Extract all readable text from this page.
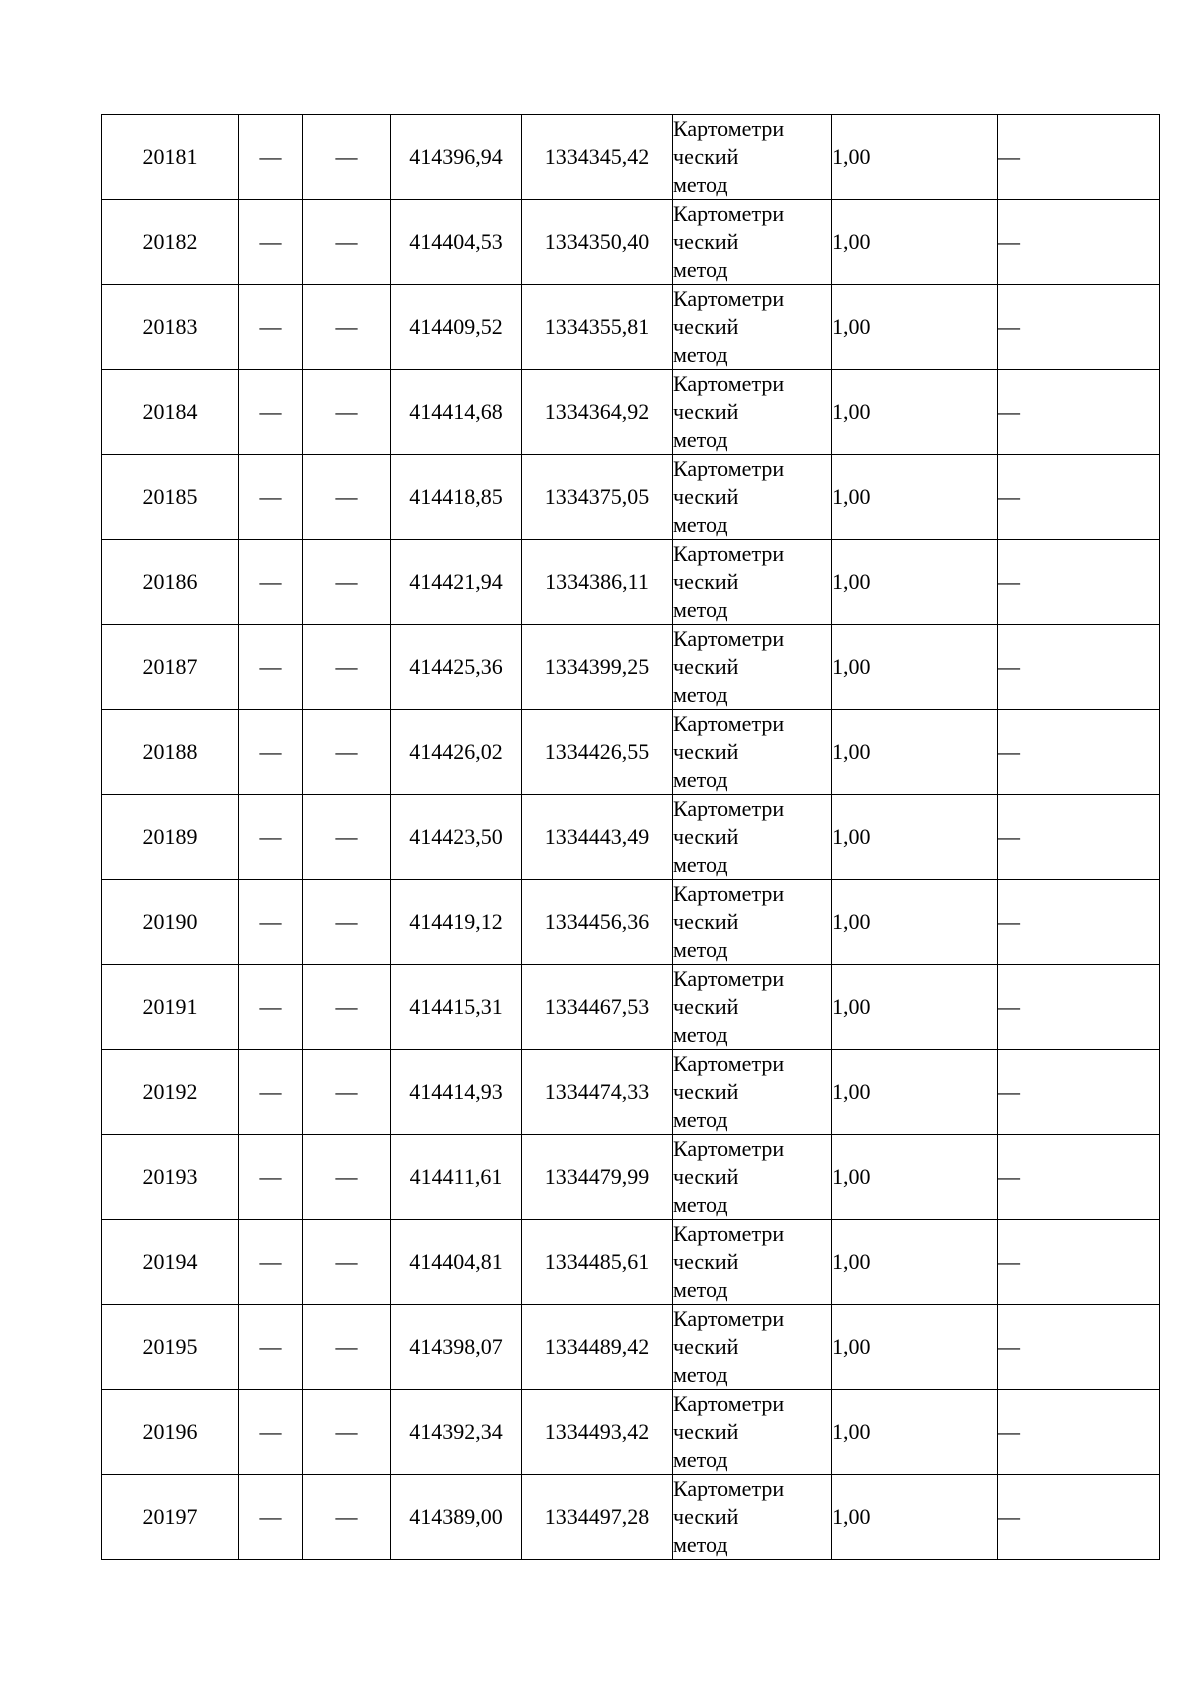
20181	—	—	414396,94	1334345,42	Картометри
ческий
метод	1,00	—
20182	—	—	414404,53	1334350,40	Картометри
ческий
метод	1,00	—
20183	—	—	414409,52	1334355,81	Картометри
ческий
метод	1,00	—
20184	—	—	414414,68	1334364,92	Картометри
ческий
метод	1,00	—
20185	—	—	414418,85	1334375,05	Картометри
ческий
метод	1,00	—
20186	—	—	414421,94	1334386,11	Картометри
ческий
метод	1,00	—
20187	—	—	414425,36	1334399,25	Картометри
ческий
метод	1,00	—
20188	—	—	414426,02	1334426,55	Картометри
ческий
метод	1,00	—
20189	—	—	414423,50	1334443,49	Картометри
ческий
метод	1,00	—
20190	—	—	414419,12	1334456,36	Картометри
ческий
метод	1,00	—
20191	—	—	414415,31	1334467,53	Картометри
ческий
метод	1,00	—
20192	—	—	414414,93	1334474,33	Картометри
ческий
метод	1,00	—
20193	—	—	414411,61	1334479,99	Картометри
ческий
метод	1,00	—
20194	—	—	414404,81	1334485,61	Картометри
ческий
метод	1,00	—
20195	—	—	414398,07	1334489,42	Картометри
ческий
метод	1,00	—
20196	—	—	414392,34	1334493,42	Картометри
ческий
метод	1,00	—
20197	—	—	414389,00	1334497,28	Картометри
ческий
метод	1,00	—
